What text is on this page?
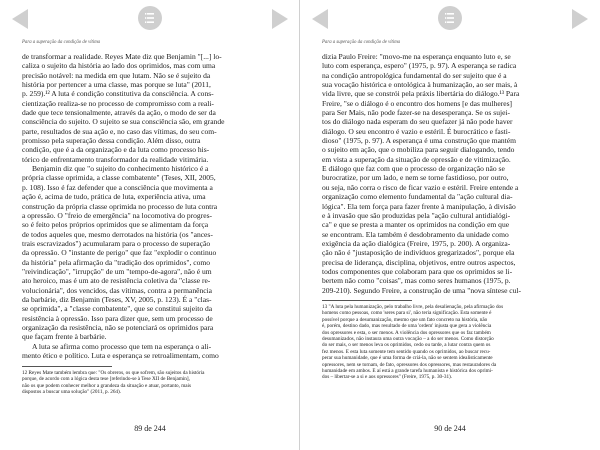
Para a superação da condição de vítima

de transformar a realidade. Reyes Mate diz que Benjamin "[...] lo-

caliza o sujeito da história ao lado dos oprimidos, mas com uma

precisão notável: na medida em que lutam. Não se é sujeito da

história por pertencer a uma classe, mas porque se luta" (2011,

p. 259).¹² A luta é condição constitutiva da consciência. A cons-

cientização realiza-se no processo de compromisso com a reali-

dade que tece tensionalmente, através da ação, o modo de ser da

consciência do sujeito. O sujeito se sua consciência são, em grande

parte, resultados de sua ação e, no caso das vítimas, do seu com-

promisso pela superação dessa condição. Além disso, outra

condição, que é a da organização e da luta como processo his-

tórico de enfrentamento transformador da realidade vitimária.

Benjamin diz que "o sujeito do conhecimento histórico é a

própria classe oprimida, a classe combatente" (Teses, XII, 2005,

p. 108). Isso é faz defender que a consciência que movimenta a

ação é, acima de tudo, prática de luta, experiência ativa, uma

construção da própria classe oprimida no processo de luta contra

a opressão. O "freio de emergência" na locomotiva do progres-

so é feito pelos próprios oprimidos que se alimentam da força

de todos aqueles que, mesmo derrotados na história (os "ances-

trais escravizados") acumularam para o processo de superação

da opressão. O "instante de perigo" que faz "explodir o continuo

da história" pela afirmação da "tradição dos oprimidos", como

"reivindicação", "irrupção" de um "tempo-de-agora", não é um

ato heroico, mas é um ato de resistência coletiva da "classe re-

volucionária", dos vencidos, das vítimas, contra a permanência

da barbárie, diz Benjamin (Teses, XV, 2005, p. 123). É a "clas-

se oprimida", a "classe combatente", que se constitui sujeito da

resistência à opressão. Isso para dizer que, sem um processo de

organização da resistência, não se potenciará os oprimidos para

que façam frente à barbárie.

A luta se afirma como processo que tem na esperança o ali-

mento ético e político. Luta e esperança se retroalimentam, como

12 Reyes Mate também lembra que: "Os obreros, os que sofrem, são sujeitos da história
porque, de acordo com a lógica desta tese [referindo-se à Tese XII de Benjamin],
não os que podem conhecer melhor a grandeza da situação e atuar, portanto, mais
dispostos a buscar uma solução" (2011, p. 264).
89 de 244
Para a superação da condição de vítima

dizia Paulo Freire: "movo-me na esperança enquanto luto e, se

luto com esperança, espero" (1975, p. 97). A esperança se radica

na condição antropológica fundamental do ser sujeito que é a

sua vocação histórica e ontológica à humanização, ao ser mais, à

vida livre, que se constrói pela práxis libertária do diálogo.¹³ Para

Freire, "se o diálogo é o encontro dos homens [e das mulheres]

para Ser Mais, não pode fazer-se na desesperança. Se os sujei-

tos do diálogo nada esperam do seu quefazer já não pode haver

diálogo. O seu encontro é vazio e estéril. É burocrático e fasti-

dioso" (1975, p. 97). A esperança é uma construção que mantém

o sujeito em ação, que o mobiliza para seguir dialogando, tendo

em vista a superação da situação de opressão e de vitimização.

E diálogo que faz com que o processo de organização não se

burocratize, por um lado, e nem se torne fastidioso, por outro,

ou seja, não corra o risco de ficar vazio e estéril. Freire entende a

organização como elemento fundamental da "ação cultural dia-

lógica". Ela tem força para fazer frente à manipulação, à divisão

e à invasão que são produzidas pela "ação cultural antidialógi-

ca" e que se presta a manter os oprimidos na condição em que

se encontram. Ela também é desdobramento da unidade como

exigência da ação dialógica (Freire, 1975, p. 200). A organiza-

ção não é "justaposição de indivíduos gregarizados", porque ela

precisa de liderança, disciplina, objetivos, entre outros aspectos,

todos componentes que colaboram para que os oprimidos se li-

bertem não como "coisas", mas como seres humanos (1975, p.

209-210). Segundo Freire, a construção de uma "nova síntese cul-

13 "A luta pela humanização, pelo trabalho livre, pela desalienação, pela afirmação dos
homens como pessoas, como 'seres para si', não teria significação. Esta somente é
possível porque a desumanização, mesmo que um fato concreto na história, não
é, porém, destino dado, mas resultado de uma 'ordem' injusta que gera a violência
dos opressores e esta, o ser menos. A violência dos opressores que os faz também
desumanizados, não instaura uma outra vocação – a do ser menos. Como distorção
do ser mais, o ser menos leva os oprimidos, cedo ou tarde, a lutar contra quem os
fez menos. E esta luta somente tem sentido quando os oprimidos, ao buscar recu-
perar sua humanidade, que é uma forma de criá-la, não se sentem idealisticamente
opressores, nem se tornam, de fato, opressores dos opressores, mas restauradores da
humanidade em ambos. E aí está a grande tarefa humanista e histórica dos oprimi-
dos – libertar-se a si e aos opressores" (Freire, 1975, p. 30-31).
90 de 244
